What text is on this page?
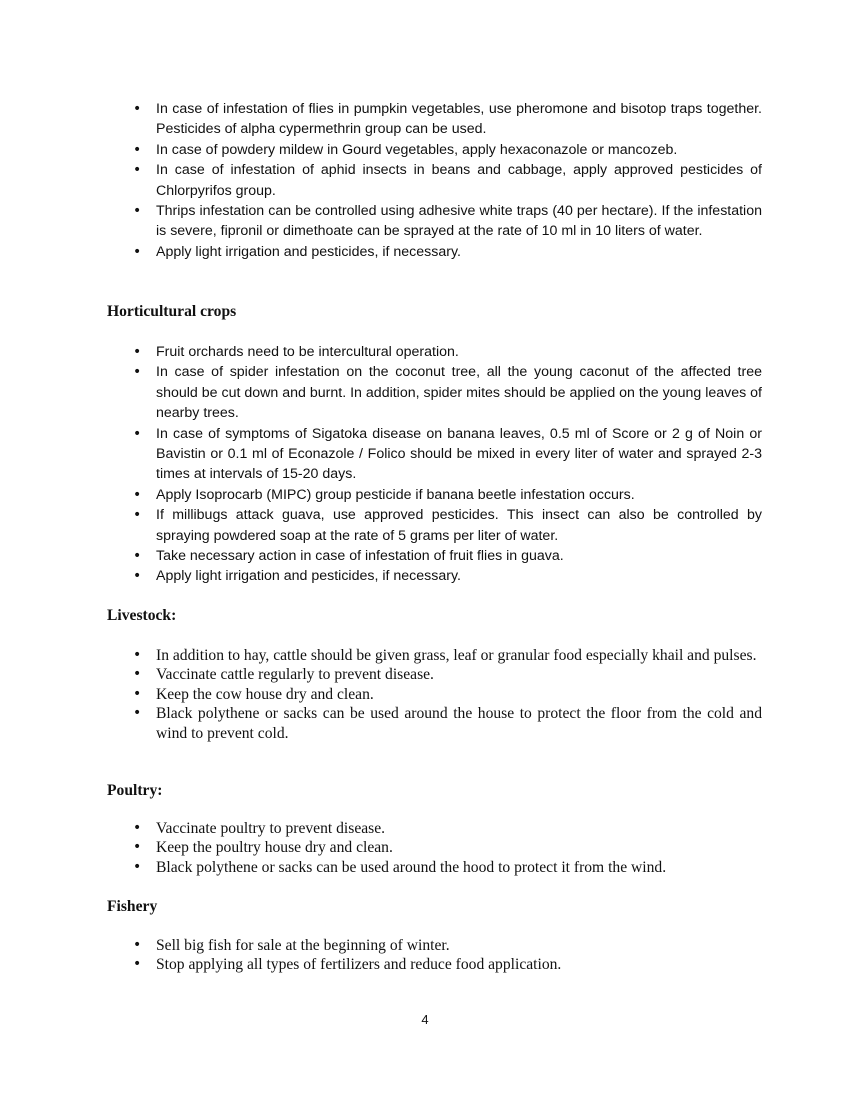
• In case of infestation of flies in pumpkin vegetables, use pheromone and bisotop traps together. Pesticides of alpha cypermethrin group can be used.
• In case of powdery mildew in Gourd vegetables, apply hexaconazole or mancozeb.
• In case of infestation of aphid insects in beans and cabbage, apply approved pesticides of Chlorpyrifos group.
• Thrips infestation can be controlled using adhesive white traps (40 per hectare). If the infestation is severe, fipronil or dimethoate can be sprayed at the rate of 10 ml in 10 liters of water.
• Apply light irrigation and pesticides, if necessary.
Horticultural crops
• Fruit orchards need to be intercultural operation.
• In case of spider infestation on the coconut tree, all the young caconut of the affected tree should be cut down and burnt. In addition, spider mites should be applied on the young leaves of nearby trees.
• In case of symptoms of Sigatoka disease on banana leaves, 0.5 ml of Score or 2 g of Noin or Bavistin or 0.1 ml of Econazole / Folico should be mixed in every liter of water and sprayed 2-3 times at intervals of 15-20 days.
• Apply Isoprocarb (MIPC) group pesticide if banana beetle infestation occurs.
• If millibugs attack guava, use approved pesticides. This insect can also be controlled by spraying powdered soap at the rate of 5 grams per liter of water.
• Take necessary action in case of infestation of fruit flies in guava.
• Apply light irrigation and pesticides, if necessary.
Livestock:
• In addition to hay, cattle should be given grass, leaf or granular food especially khail and pulses.
• Vaccinate cattle regularly to prevent disease.
• Keep the cow house dry and clean.
• Black polythene or sacks can be used around the house to protect the floor from the cold and wind to prevent cold.
Poultry:
• Vaccinate poultry to prevent disease.
• Keep the poultry house dry and clean.
• Black polythene or sacks can be used around the hood to protect it from the wind.
Fishery
• Sell big fish for sale at the beginning of winter.
• Stop applying all types of fertilizers and reduce food application.
4
